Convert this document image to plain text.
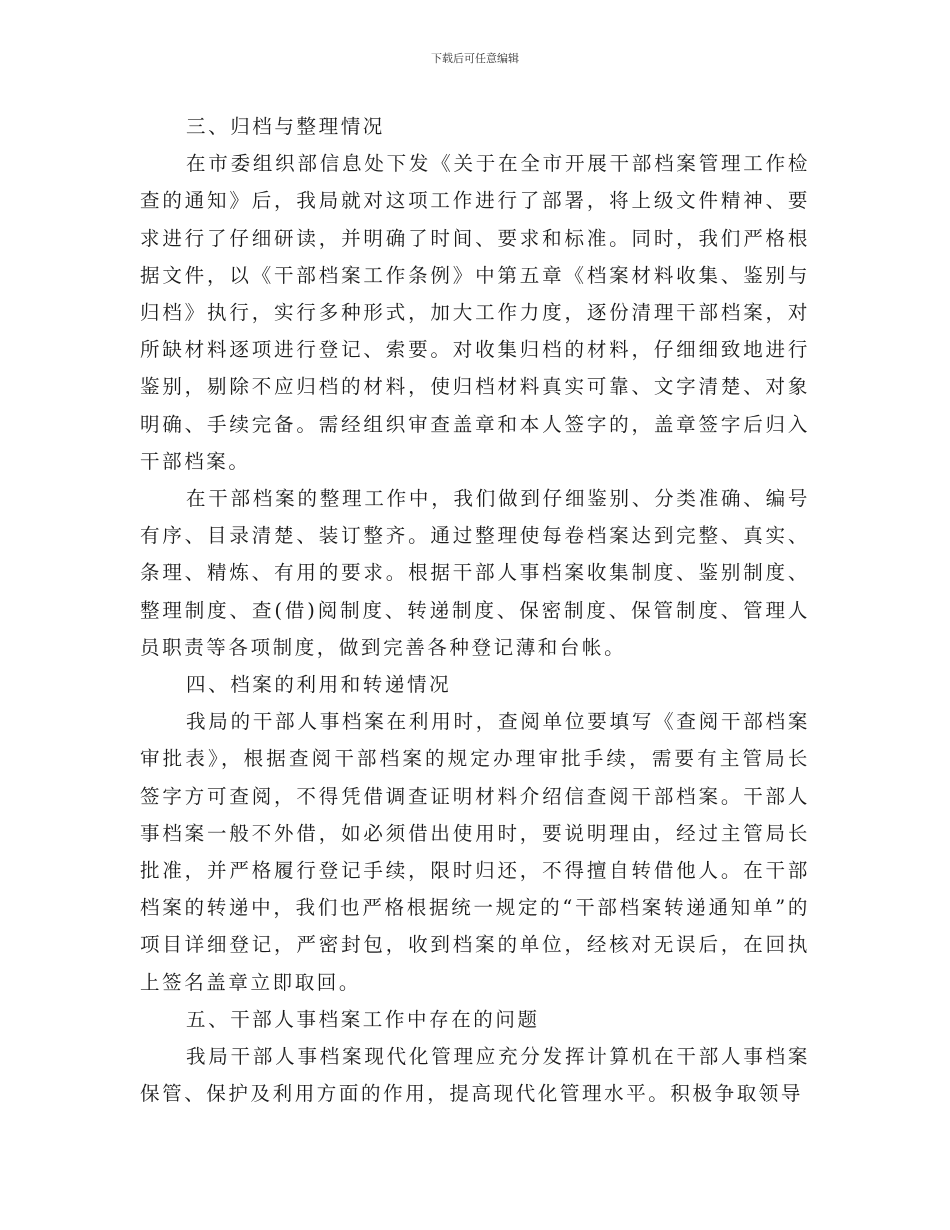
下载后可任意编辑

三、归档与整理情况

在市委组织部信息处下发《关于在全市开展干部档案管理工作检查的通知》后，我局就对这项工作进行了部署，将上级文件精神、要求进行了仔细研读，并明确了时间、要求和标准。同时，我们严格根据文件，以《干部档案工作条例》中第五章《档案材料收集、鉴别与归档》执行，实行多种形式，加大工作力度，逐份清理干部档案，对所缺材料逐项进行登记、索要。对收集归档的材料，仔细细致地进行鉴别，剔除不应归档的材料，使归档材料真实可靠、文字清楚、对象明确、手续完备。需经组织审查盖章和本人签字的，盖章签字后归入干部档案。

在干部档案的整理工作中，我们做到仔细鉴别、分类准确、编号有序、目录清楚、装订整齐。通过整理使每卷档案达到完整、真实、条理、精炼、有用的要求。根据干部人事档案收集制度、鉴别制度、整理制度、查(借)阅制度、转递制度、保密制度、保管制度、管理人员职责等各项制度，做到完善各种登记薄和台帐。

四、档案的利用和转递情况

我局的干部人事档案在利用时，查阅单位要填写《查阅干部档案审批表》，根据查阅干部档案的规定办理审批手续，需要有主管局长签字方可查阅，不得凭借调查证明材料介绍信查阅干部档案。干部人事档案一般不外借，如必须借出使用时，要说明理由，经过主管局长批准，并严格履行登记手续，限时归还，不得擅自转借他人。在干部档案的转递中，我们也严格根据统一规定的“干部档案转递通知单”的项目详细登记，严密封包，收到档案的单位，经核对无误后，在回执上签名盖章立即取回。

五、干部人事档案工作中存在的问题

我局干部人事档案现代化管理应充分发挥计算机在干部人事档案保管、保护及利用方面的作用，提高现代化管理水平。积极争取领导
